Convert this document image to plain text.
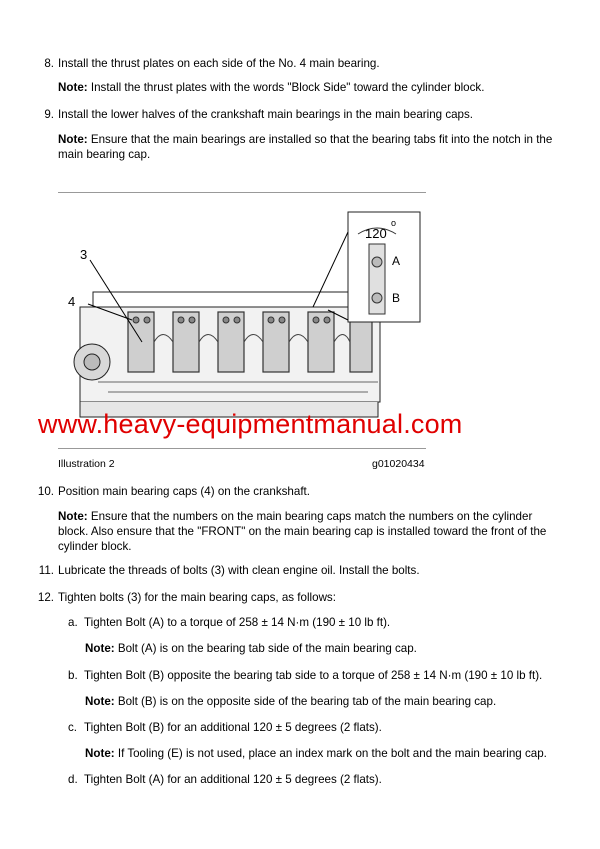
8. Install the thrust plates on each side of the No. 4 main bearing.
Note: Install the thrust plates with the words "Block Side" toward the cylinder block.
9. Install the lower halves of the crankshaft main bearings in the main bearing caps.
Note: Ensure that the main bearings are installed so that the bearing tabs fit into the notch in the
main bearing cap.
120
o
A
B
3
4
www.heavy-equipmentmanual.com
Illustration 2	g01020434
10. Position main bearing caps (4) on the crankshaft.
Note: Ensure that the numbers on the main bearing caps match the numbers on the cylinder
block. Also ensure that the "FRONT" on the main bearing cap is installed toward the front of the
cylinder block.
11. Lubricate the threads of bolts (3) with clean engine oil. Install the bolts.
12. Tighten bolts (3) for the main bearing caps, as follows:
a. Tighten Bolt (A) to a torque of 258 ± 14 N·m (190 ± 10 lb ft).
Note: Bolt (A) is on the bearing tab side of the main bearing cap.
b. Tighten Bolt (B) opposite the bearing tab side to a torque of 258 ± 14 N·m (190 ± 10 lb ft).
Note: Bolt (B) is on the opposite side of the bearing tab of the main bearing cap.
c. Tighten Bolt (B) for an additional 120 ± 5 degrees (2 flats).
Note: If Tooling (E) is not used, place an index mark on the bolt and the main bearing cap.
d. Tighten Bolt (A) for an additional 120 ± 5 degrees (2 flats).
